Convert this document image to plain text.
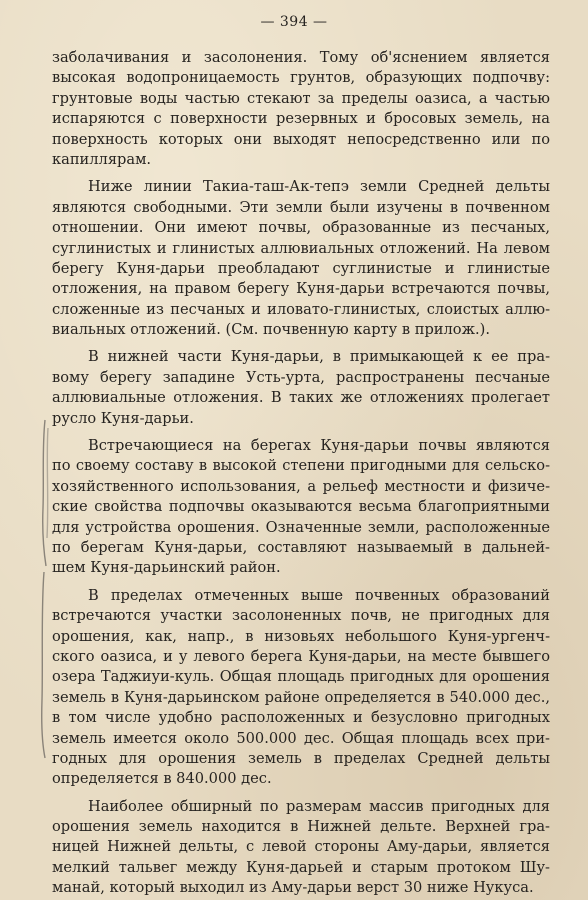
— 394 —
заболачивания и засолонения. Тому об'яснением является
высокая водопроницаемость грунтов, образующих подпочву:
грунтовые воды частью стекают за пределы оазиса, а частью
испаряются с поверхности резервных и бросовых земель, на
поверхность которых они выходят непосредственно или по
капиллярам.
Ниже линии Такиа-таш-Ак-тепэ земли Средней дельты
являются свободными. Эти земли были изучены в почвенном
отношении. Они имеют почвы, образованные из песчаных,
суглинистых и глинистых аллювиальных отложений. На левом
берегу Куня-дарьи преобладают суглинистые и глинистые
отложения, на правом берегу Куня-дарьи встречаются почвы,
сложенные из песчаных и иловато-глинистых, слоистых аллю-
виальных отложений. (См. почвенную карту в прилож.).
В нижней части Куня-дарьи, в примыкающей к ее пра-
вому берегу западине Усть-урта, распространены песчаные
аллювиальные отложения. В таких же отложениях пролегает
русло Куня-дарьи.
Встречающиеся на берегах Куня-дарьи почвы являются
по своему составу в высокой степени пригодными для сельско-
хозяйственного использования, а рельеф местности и физиче-
ские свойства подпочвы оказываются весьма благоприятными
для устройства орошения. Означенные земли, расположенные
по берегам Куня-дарьи, составляют называемый в дальней-
шем Куня-дарьинский район.
В пределах отмеченных выше почвенных образований
встречаются участки засолоненных почв, не пригодных для
орошения, как, напр., в низовьях небольшого Куня-ургенч-
ского оазиса, и у левого берега Куня-дарьи, на месте бывшего
озера Таджиуи-куль. Общая площадь пригодных для орошения
земель в Куня-дарьинском районе определяется в 540.000 дес.,
в том числе удобно расположенных и безусловно пригодных
земель имеется около 500.000 дес. Общая площадь всех при-
годных для орошения земель в пределах Средней дельты
определяется в 840.000 дес.
Наиболее обширный по размерам массив пригодных для
орошения земель находится в Нижней дельте. Верхней гра-
ницей Нижней дельты, с левой стороны Аму-дарьи, является
мелкий тальвег между Куня-дарьей и старым протоком Шу-
манай, который выходил из Аму-дарьи верст 30 ниже Нукуса.
